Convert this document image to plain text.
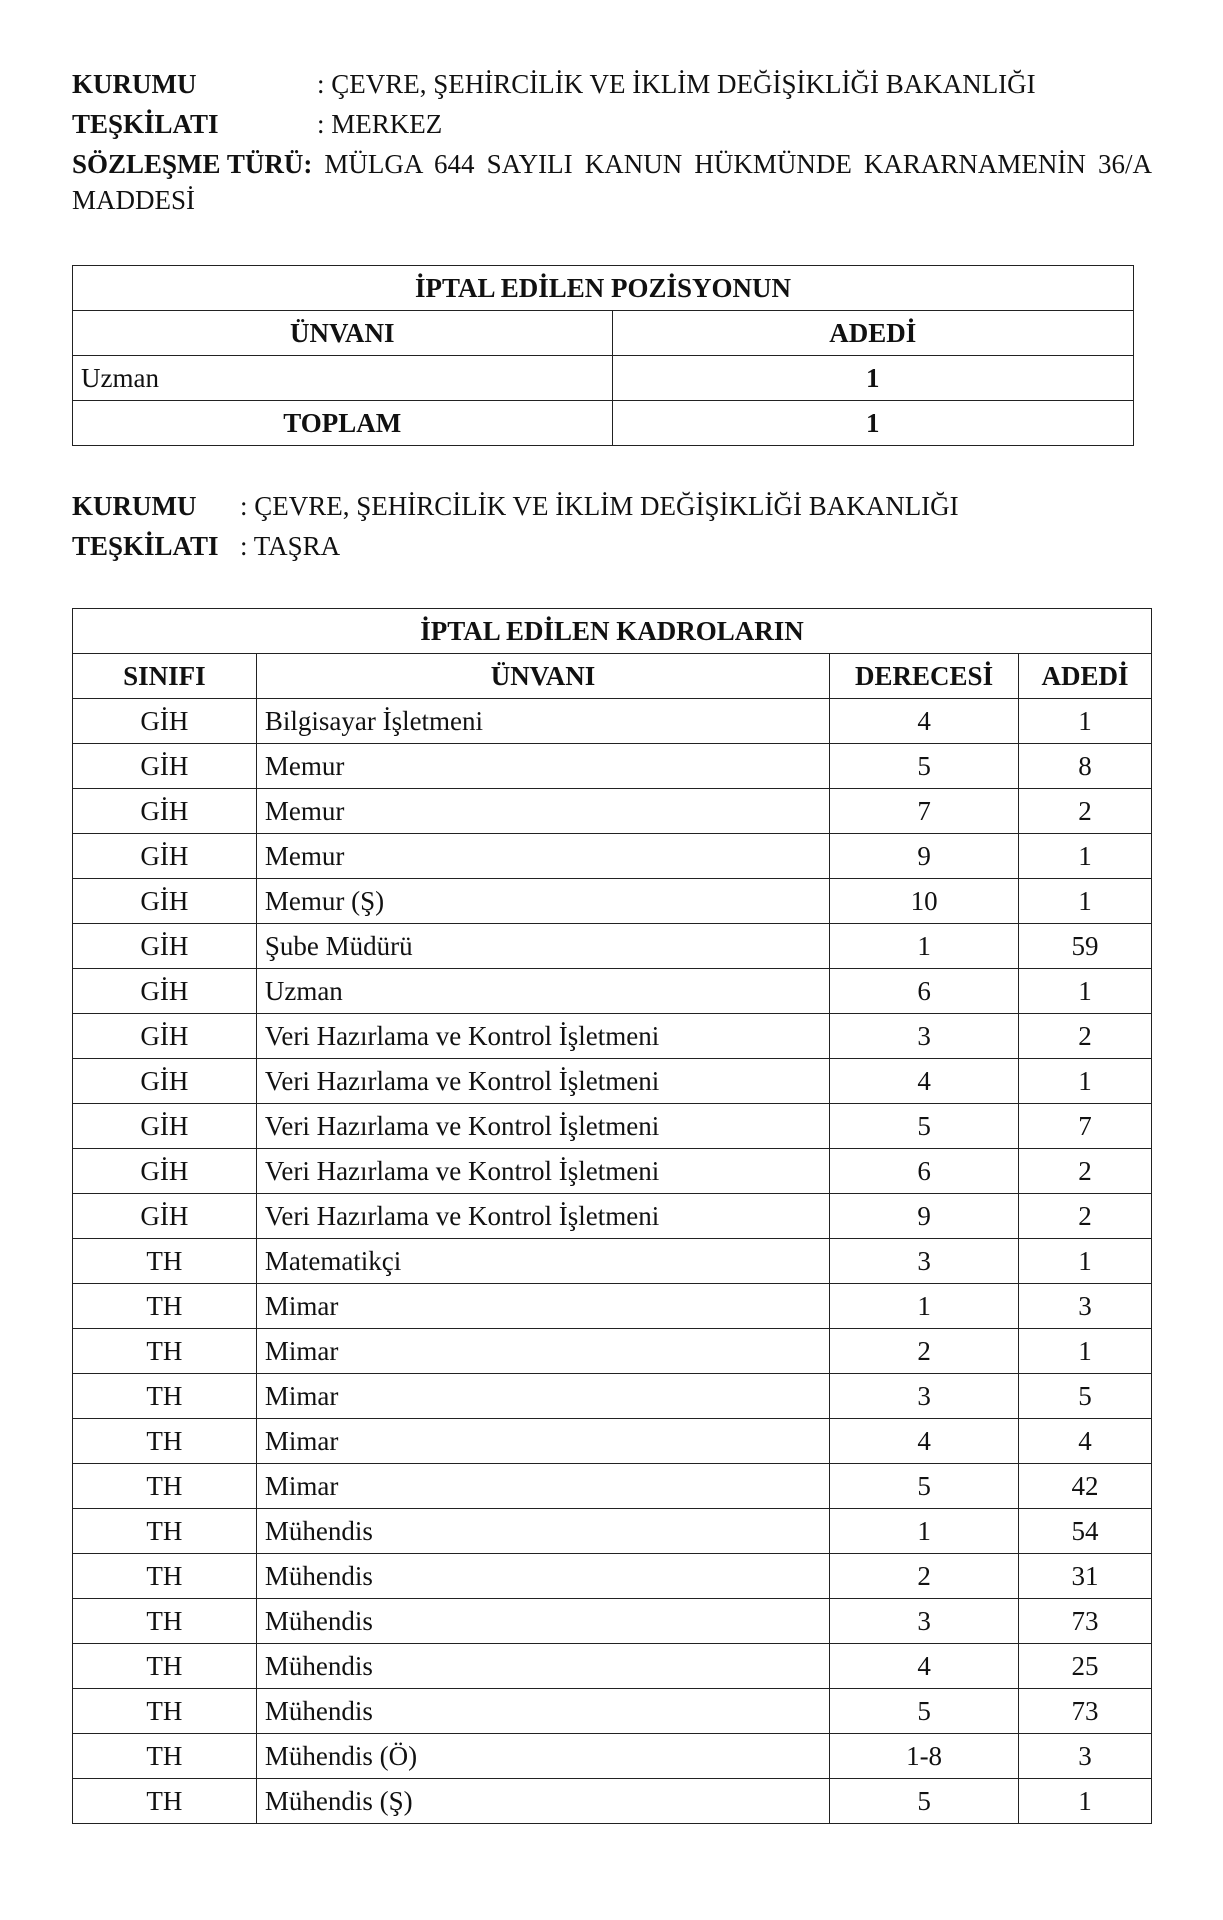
KURUMU	: ÇEVRE, ŞEHİRCİLİK VE İKLİM DEĞİŞİKLİĞİ BAKANLIĞI
TEŞKİLATI	: MERKEZ
SÖZLEŞME TÜRÜ: MÜLGA 644 SAYILI KANUN HÜKMÜNDE KARARNAMENİN 36/A MADDESİ
İPTAL EDİLEN POZİSYONUN	
ÜNVANI	ADEDİ
Uzman	1
TOPLAM	1
KURUMU : ÇEVRE, ŞEHİRCİLİK VE İKLİM DEĞİŞİKLİĞİ BAKANLIĞI
TEŞKİLATI : TAŞRA
İPTAL EDİLEN KADROLARIN			
SINIFI	ÜNVANI	DERECESİ	ADEDİ
GİH	Bilgisayar İşletmeni	4	1
GİH	Memur	5	8
GİH	Memur	7	2
GİH	Memur	9	1
GİH	Memur (Ş)	10	1
GİH	Şube Müdürü	1	59
GİH	Uzman	6	1
GİH	Veri Hazırlama ve Kontrol İşletmeni	3	2
GİH	Veri Hazırlama ve Kontrol İşletmeni	4	1
GİH	Veri Hazırlama ve Kontrol İşletmeni	5	7
GİH	Veri Hazırlama ve Kontrol İşletmeni	6	2
GİH	Veri Hazırlama ve Kontrol İşletmeni	9	2
TH	Matematikçi	3	1
TH	Mimar	1	3
TH	Mimar	2	1
TH	Mimar	3	5
TH	Mimar	4	4
TH	Mimar	5	42
TH	Mühendis	1	54
TH	Mühendis	2	31
TH	Mühendis	3	73
TH	Mühendis	4	25
TH	Mühendis	5	73
TH	Mühendis (Ö)	1-8	3
TH	Mühendis (Ş)	5	1
